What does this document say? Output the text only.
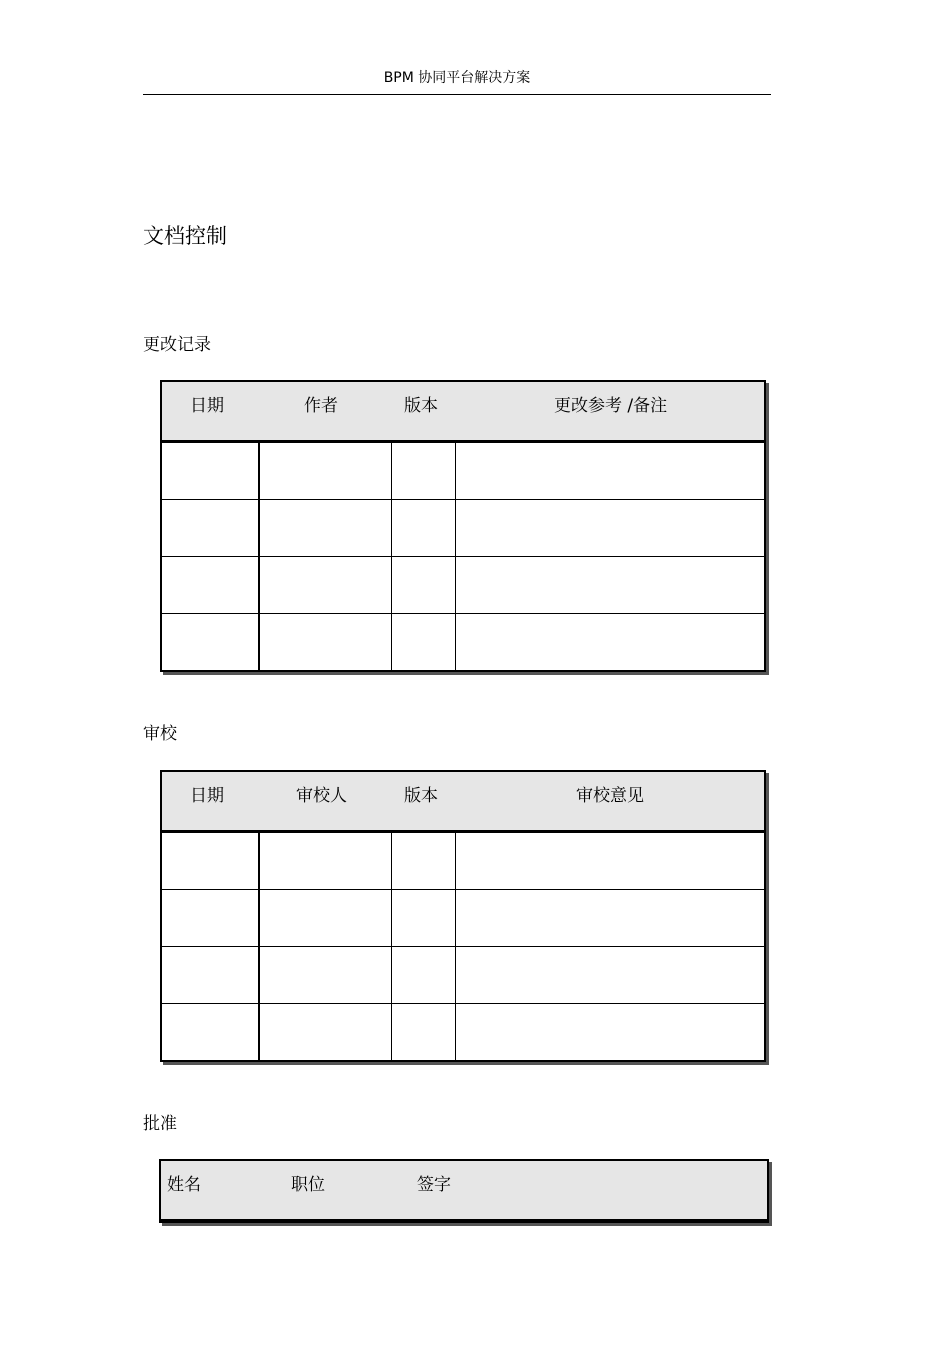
BPM 协同平台解决方案
文档控制
更改记录
日期	作者	版本	更改参考 /备注
审校
日期	审校人	版本	审校意见
批准
姓名	职位	签字
